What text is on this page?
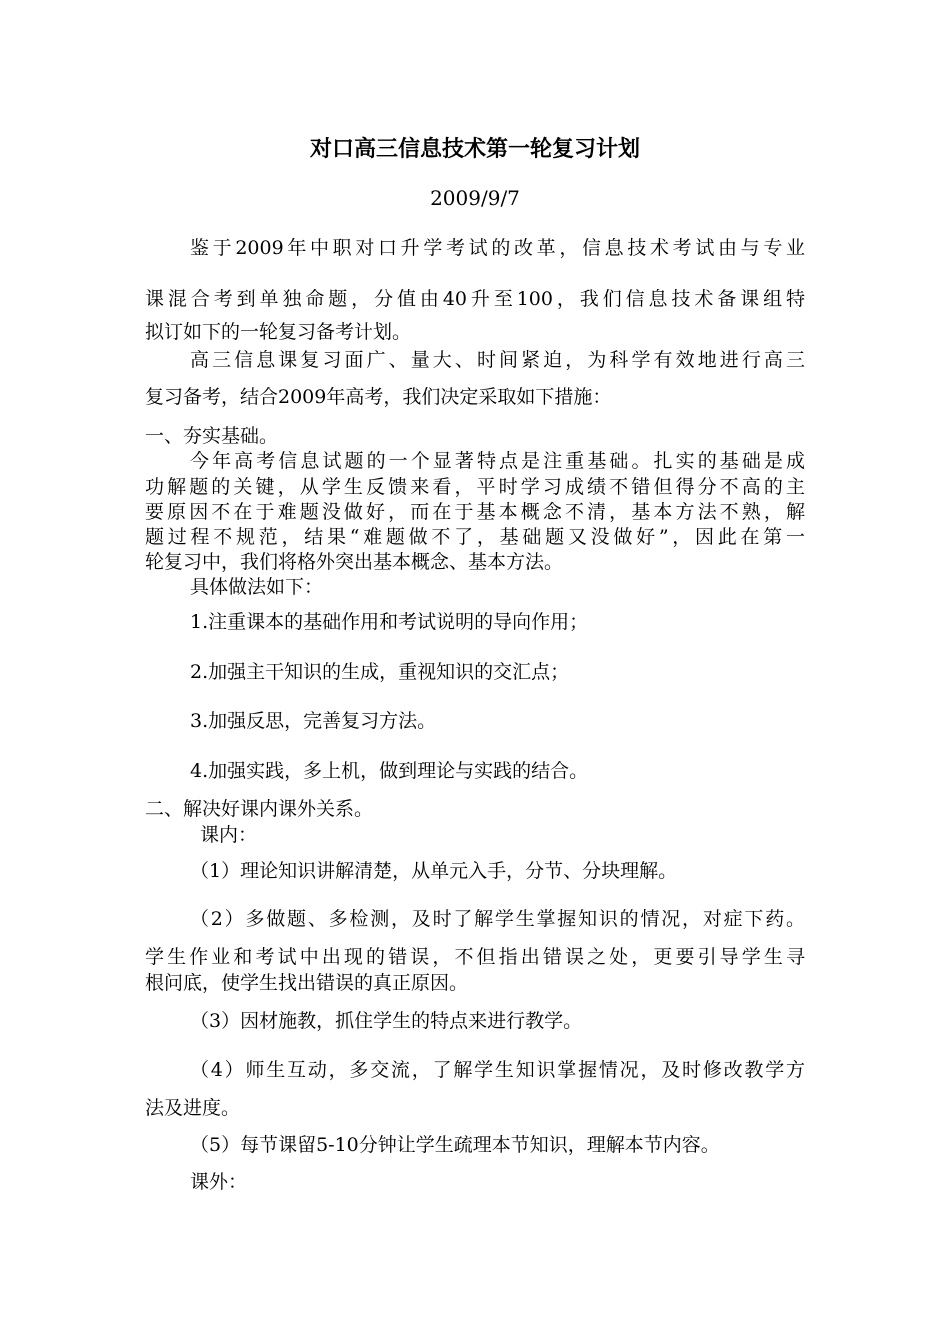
对口高三信息技术第一轮复习计划

2009/9/7

鉴于2009年中职对口升学考试的改革，信息技术考试由与专业

课混合考到单独命题，分值由40升至100，我们信息技术备课组特

拟订如下的一轮复习备考计划。

高三信息课复习面广、量大、时间紧迫，为科学有效地进行高三

复习备考，结合2009年高考，我们决定采取如下措施：

一、夯实基础。

今年高考信息试题的一个显著特点是注重基础。扎实的基础是成

功解题的关键，从学生反馈来看，平时学习成绩不错但得分不高的主

要原因不在于难题没做好，而在于基本概念不清，基本方法不熟，解

题过程不规范，结果“难题做不了，基础题又没做好”，因此在第一

轮复习中，我们将格外突出基本概念、基本方法。

具体做法如下：

1.注重课本的基础作用和考试说明的导向作用；

2.加强主干知识的生成，重视知识的交汇点；

3.加强反思，完善复习方法。

4.加强实践，多上机，做到理论与实践的结合。

二、解决好课内课外关系。

课内：

（1）理论知识讲解清楚，从单元入手，分节、分块理解。

（2）多做题、多检测，及时了解学生掌握知识的情况，对症下药。

学生作业和考试中出现的错误，不但指出错误之处，更要引导学生寻

根问底，使学生找出错误的真正原因。

（3）因材施教，抓住学生的特点来进行教学。

（4）师生互动，多交流，了解学生知识掌握情况，及时修改教学方

法及进度。

（5）每节课留5-10分钟让学生疏理本节知识，理解本节内容。

课外：
